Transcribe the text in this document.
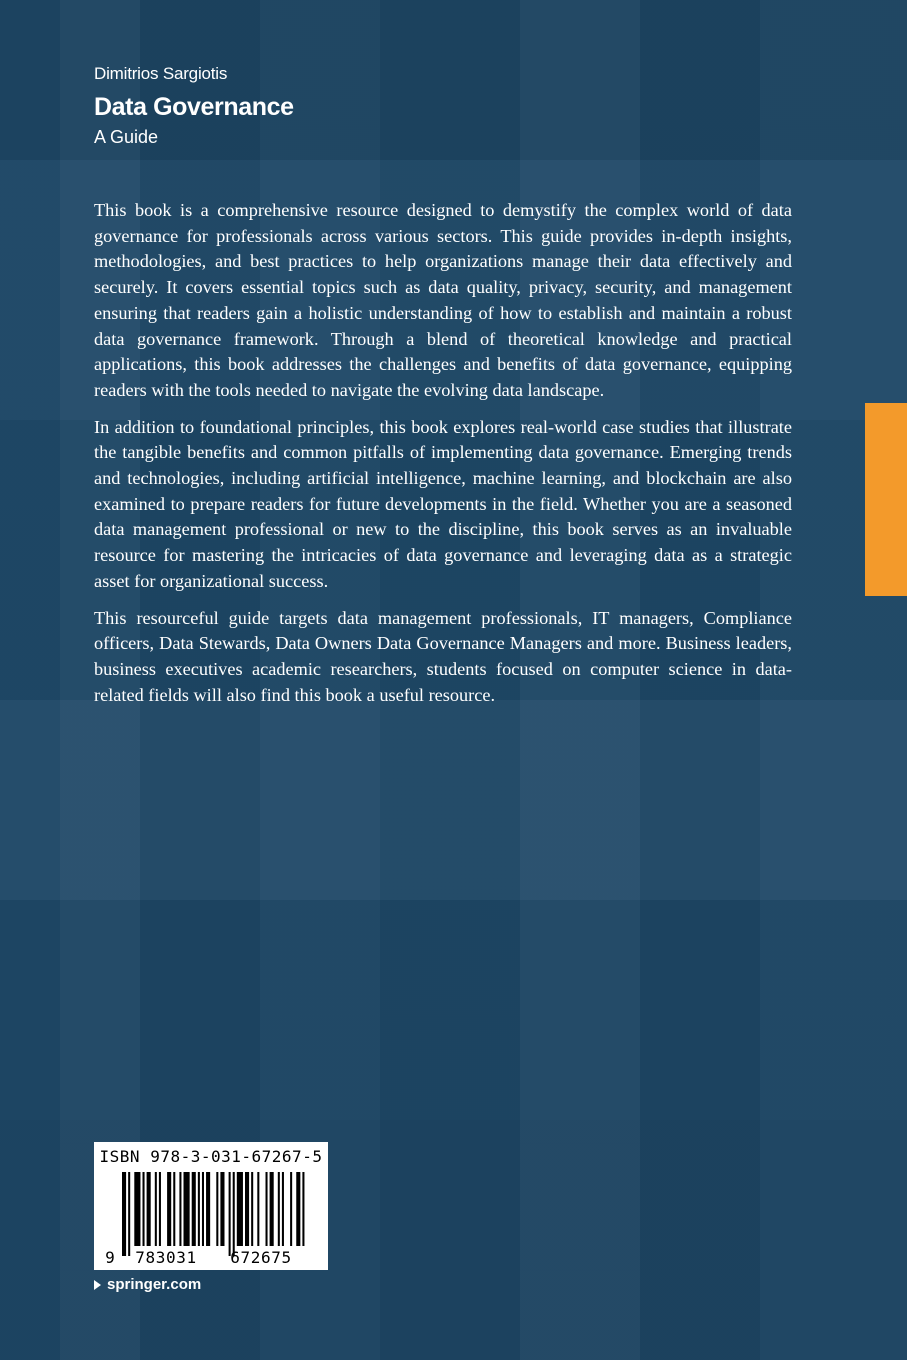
Dimitrios Sargiotis
Data Governance
A Guide

This book is a comprehensive resource designed to demystify the complex world of data governance for professionals across various sectors. This guide provides in-depth insights, methodologies, and best practices to help organizations manage their data effectively and securely. It covers essential topics such as data quality, privacy, security, and management ensuring that readers gain a holistic understanding of how to establish and maintain a robust data governance framework. Through a blend of theoretical knowledge and practical applications, this book addresses the challenges and benefits of data governance, equipping readers with the tools needed to navigate the evolving data landscape.

In addition to foundational principles, this book explores real-world case studies that illustrate the tangible benefits and common pitfalls of implementing data governance. Emerging trends and technologies, including artificial intelligence, machine learning, and blockchain are also examined to prepare readers for future developments in the field. Whether you are a seasoned data management professional or new to the discipline, this book serves as an invaluable resource for mastering the intricacies of data governance and leveraging data as a strategic asset for organizational success.

This resourceful guide targets data management professionals, IT managers, Compliance officers, Data Stewards, Data Owners Data Governance Managers and more. Business leaders, business executives academic researchers, students focused on computer science in data-related fields will also find this book a useful resource.

ISBN 978-3-031-67267-5
9 783031 672675
springer.com
